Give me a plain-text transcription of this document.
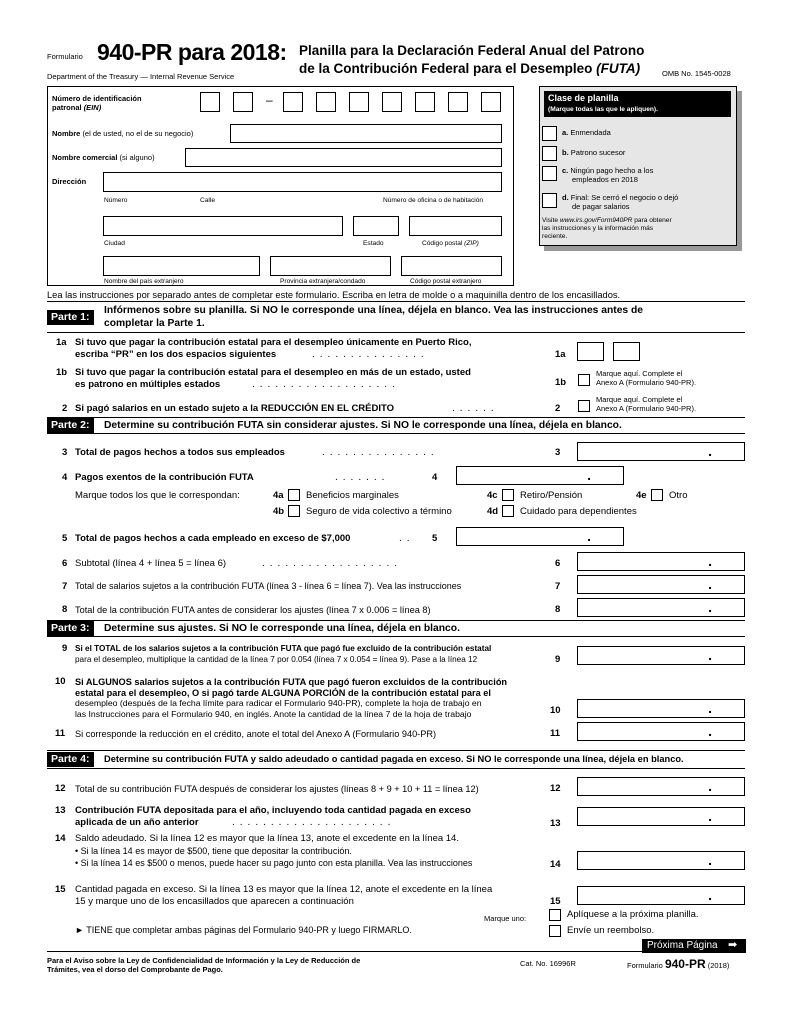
Formulario 940-PR para 2018: Planilla para la Declaración Federal Anual del Patrono
de la Contribución Federal para el Desempleo (FUTA)
Department of the Treasury — Internal Revenue Service	OMB No. 1545-0028
Número de identificación
patronal (EIN)
–
Nombre (el de usted, no el de su negocio)
Nombre comercial (si alguno)
Dirección
Número	Calle	Número de oficina o de habitación
Ciudad	Estado	Código postal (ZIP)
Nombre del país extranjero	Provincia extranjera/condado	Código postal extranjero
Clase de planilla
(Marque todas las que le apliquen).
a. Enmendada
b. Patrono sucesor
c. Ningún pago hecho a los
empleados en 2018
d. Final: Se cerró el negocio o dejó
de pagar salarios
Visite www.irs.gov/Form940PR para obtener
las instrucciones y la información más
reciente.
Lea las instrucciones por separado antes de completar este formulario. Escriba en letra de molde o a maquinilla dentro de los encasillados.
Parte 1:
Infórmenos sobre su planilla. Si NO le corresponde una línea, déjela en blanco. Vea las instrucciones antes de
completar la Parte 1.
1a Si tuvo que pagar la contribución estatal para el desempleo únicamente en Puerto Rico,
escriba “PR” en los dos espacios siguientes	...............	1a
1b Si tuvo que pagar la contribución estatal para el desempleo en más de un estado, usted
es patrono en múltiples estados	...................	1b
Marque aquí. Complete el
Anexo A (Formulario 940-PR).
2 Si pagó salarios en un estado sujeto a la REDUCCIÓN EN EL CRÉDITO	......	2
Marque aquí. Complete el
Anexo A (Formulario 940-PR).
Parte 2:	Determine su contribución FUTA sin considerar ajustes. Si NO le corresponde una línea, déjela en blanco.
3 Total de pagos hechos a todos sus empleados	...............	3
.
4 Pagos exentos de la contribución FUTA	.......	4
.
Marque todos los que le correspondan:	4a Beneficios marginales
4b Seguro de vida colectivo a término
4c Retiro/Pensión
4d Cuidado para dependientes
4e Otro
5 Total de pagos hechos a cada empleado en exceso de $7,000	.. 5
.
6 Subtotal (línea 4 + línea 5 = línea 6)	..................	6
.
7 Total de salarios sujetos a la contribución FUTA (línea 3 - línea 6 = línea 7). Vea las instrucciones	7
.
8 Total de la contribución FUTA antes de considerar los ajustes (línea 7 x 0.006 = línea 8)	8
.
Parte 3:	Determine sus ajustes. Si NO le corresponde una línea, déjela en blanco.
9 Si el TOTAL de los salarios sujetos a la contribución FUTA que pagó fue excluido de la contribución estatal
para el desempleo, multiplique la cantidad de la línea 7 por 0.054 (línea 7 x 0.054 = línea 9). Pase a la línea 12	9
.
10 Si ALGUNOS salarios sujetos a la contribución FUTA que pagó fueron excluidos de la contribución
estatal para el desempleo, O si pagó tarde ALGUNA PORCIÓN de la contribución estatal para el
desempleo (después de la fecha límite para radicar el Formulario 940-PR), complete la hoja de trabajo en
las Instrucciones para el Formulario 940, en inglés. Anote la cantidad de la línea 7 de la hoja de trabajo	10
.
11 Si corresponde la reducción en el crédito, anote el total del Anexo A (Formulario 940-PR)	11
.
Parte 4:	Determine su contribución FUTA y saldo adeudado o cantidad pagada en exceso. Si NO le corresponde una línea, déjela en blanco.
12 Total de su contribución FUTA después de considerar los ajustes (líneas 8 + 9 + 10 + 11 = línea 12)	12
.
13 Contribución FUTA depositada para el año, incluyendo toda cantidad pagada en exceso
aplicada de un año anterior	.....................	13
.
14 Saldo adeudado. Si la línea 12 es mayor que la línea 13, anote el excedente en la línea 14.
• Si la línea 14 es mayor de $500, tiene que depositar la contribución.
• Si la línea 14 es $500 o menos, puede hacer su pago junto con esta planilla. Vea las instrucciones	14
.
15 Cantidad pagada en exceso. Si la línea 13 es mayor que la línea 12, anote el excedente en la línea
15 y marque uno de los encasillados que aparecen a continuación	15
.
Marque uno:	Aplíquese a la próxima planilla.
Envíe un reembolso.
► TIENE que completar ambas páginas del Formulario 940-PR y luego FIRMARLO.
Próxima Página ➡
Para el Aviso sobre la Ley de Confidencialidad de Información y la Ley de Reducción de
Trámites, vea el dorso del Comprobante de Pago.
Cat. No. 16996R	Formulario 940-PR (2018)
